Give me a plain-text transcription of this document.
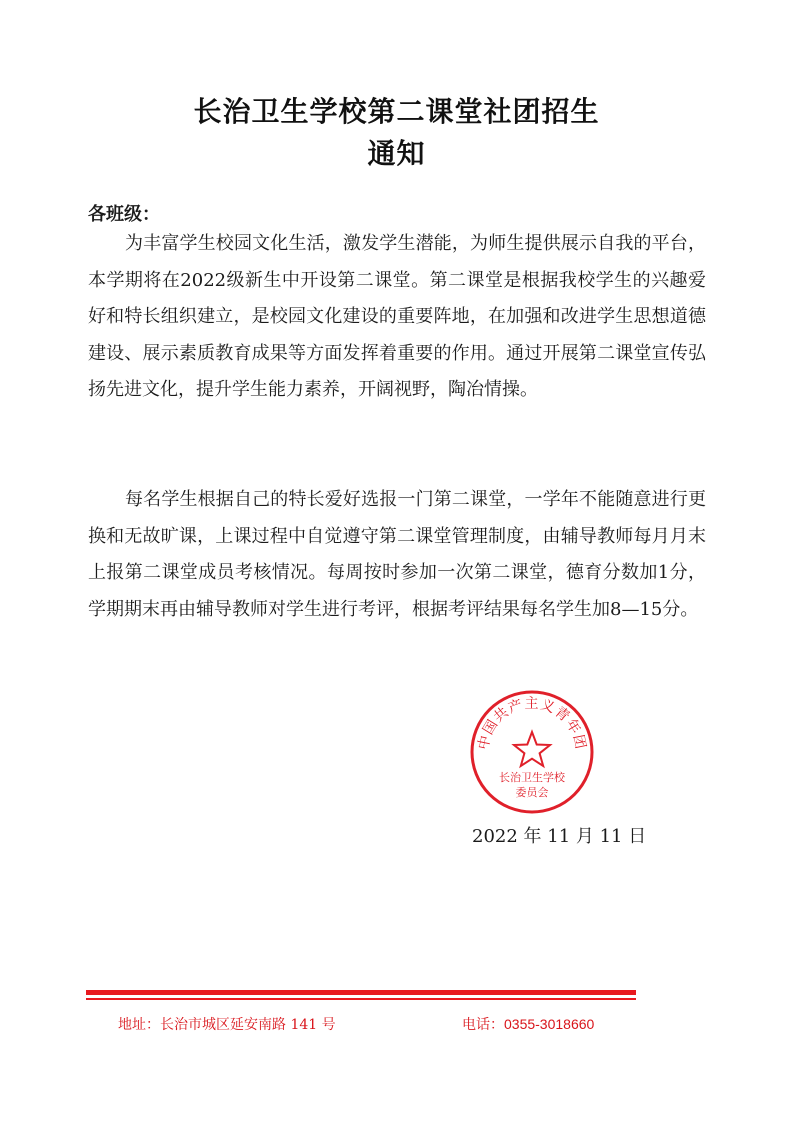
长治卫生学校第二课堂社团招生
通知
各班级：

为丰富学生校园文化生活，激发学生潜能，为师生提供展示自我的平台，本学期将在2022级新生中开设第二课堂。第二课堂是根据我校学生的兴趣爱好和特长组织建立，是校园文化建设的重要阵地，在加强和改进学生思想道德建设、展示素质教育成果等方面发挥着重要的作用。通过开展第二课堂宣传弘扬先进文化，提升学生能力素养，开阔视野，陶冶情操。

每名学生根据自己的特长爱好选报一门第二课堂，一学年不能随意进行更换和无故旷课，上课过程中自觉遵守第二课堂管理制度，由辅导教师每月月末上报第二课堂成员考核情况。每周按时参加一次第二课堂，德育分数加1分，学期期末再由辅导教师对学生进行考评，根据考评结果每名学生加8—15分。

中国共产主义青年团
长治卫生学校
委员会
2022 年 11 月 11 日
地址：长治市城区延安南路 141 号	电话：0355-3018660
